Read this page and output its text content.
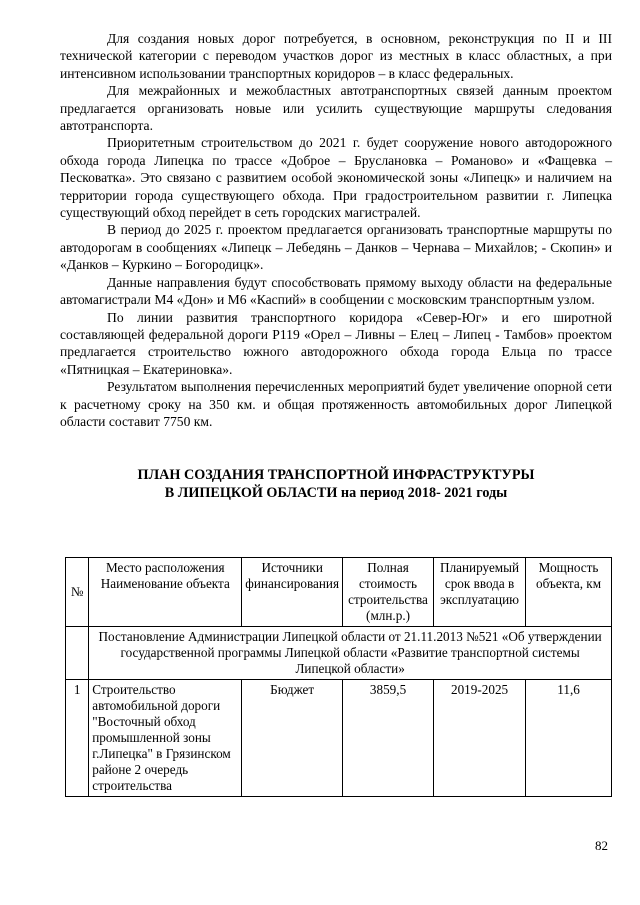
Для создания новых дорог потребуется, в основном, реконструкция по II и III технической категории с переводом участков дорог из местных в класс областных, а при интенсивном использовании транспортных коридоров – в класс федеральных.

Для межрайонных и межобластных автотранспортных связей данным проектом предлагается организовать новые или усилить существующие маршруты следования автотранспорта.

Приоритетным строительством до 2021 г. будет сооружение нового автодорожного обхода города Липецка по трассе «Доброе – Бруслановка – Романово» и «Фащевка – Песковатка». Это связано с развитием особой экономической зоны «Липецк» и наличием на территории города существующего обхода. При градостроительном развитии г. Липецка существующий обход перейдет в сеть городских магистралей.

В период до 2025 г. проектом предлагается организовать транспортные маршруты по автодорогам в сообщениях «Липецк – Лебедянь – Данков – Чернава – Михайлов; - Скопин» и «Данков – Куркино – Богородицк».

Данные направления будут способствовать прямому выходу области на федеральные автомагистрали М4 «Дон» и М6 «Каспий» в сообщении с московским транспортным узлом.

По линии развития транспортного коридора «Север-Юг» и его широтной составляющей федеральной дороги Р119 «Орел – Ливны – Елец – Липец - Тамбов» проектом предлагается строительство южного автодорожного обхода города Ельца по трассе «Пятницкая – Екатериновка».

Результатом выполнения перечисленных мероприятий будет увеличение опорной сети к расчетному сроку на 350 км. и общая протяженность автомобильных дорог Липецкой области составит 7750 км.

ПЛАН СОЗДАНИЯ ТРАНСПОРТНОЙ ИНФРАСТРУКТУРЫ
В ЛИПЕЦКОЙ ОБЛАСТИ на период 2018- 2021 годы
№	Место расположения Наименование объекта	Источники финансирования	Полная стоимость строительства (млн.р.)	Планируемый срок ввода в эксплуатацию	Мощность объекта, км
	Постановление Администрации Липецкой области от 21.11.2013 №521 «Об утверждении государственной программы Липецкой области «Развитие транспортной системы Липецкой области»				
1	Строительство автомобильной дороги "Восточный обход промышленной зоны г.Липецка" в Грязинском районе 2 очередь строительства	Бюджет	3859,5	2019-2025	11,6
82
